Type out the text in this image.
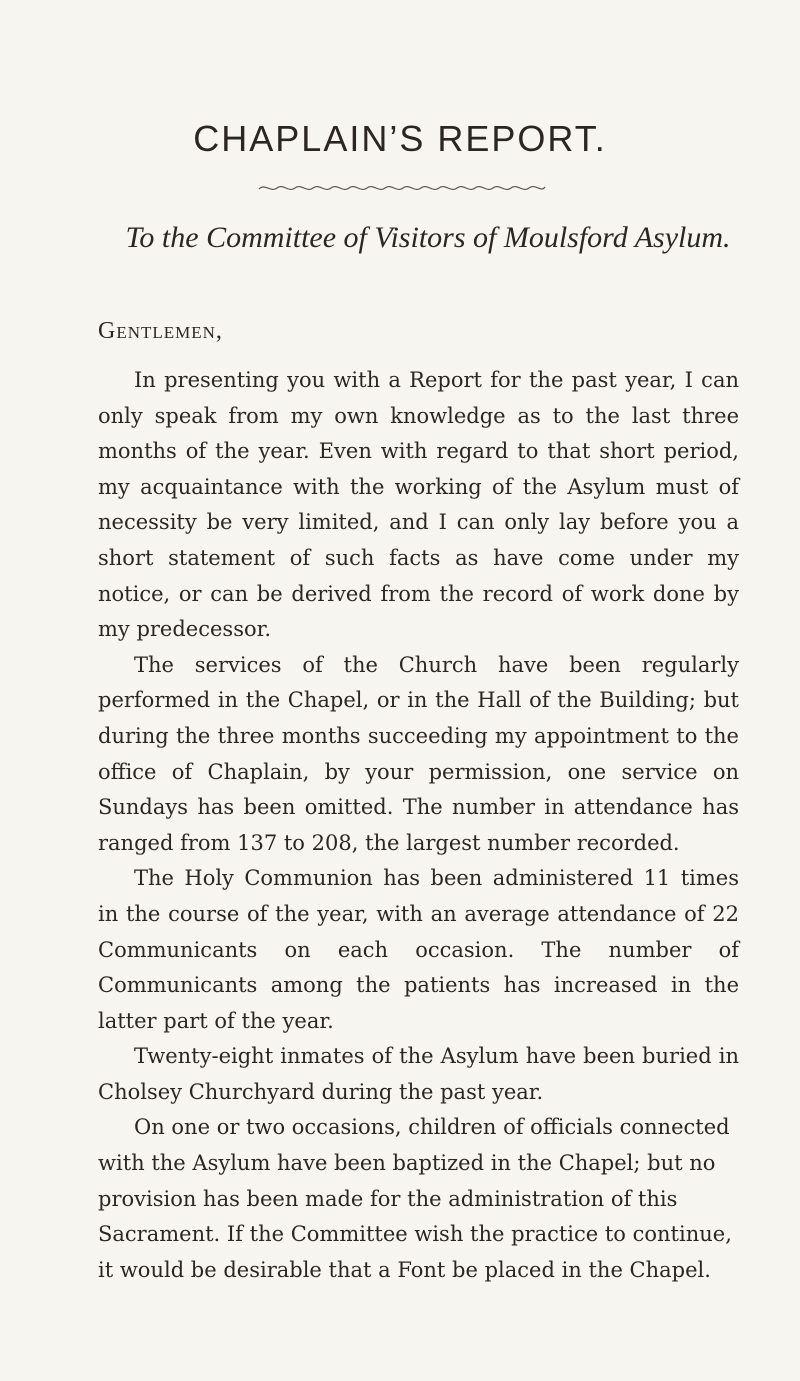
CHAPLAIN’S REPORT.

To the Committee of Visitors of Moulsford Asylum.

Gentlemen,

In presenting you with a Report for the past year, I can only speak from my own knowledge as to the last three months of the year. Even with regard to that short period, my acquaintance with the working of the Asylum must of necessity be very limited, and I can only lay before you a short statement of such facts as have come under my notice, or can be derived from the record of work done by my predecessor.

The services of the Church have been regularly performed in the Chapel, or in the Hall of the Building; but during the three months succeeding my appointment to the office of Chaplain, by your permission, one service on Sundays has been omitted. The number in attendance has ranged from 137 to 208, the largest number recorded.

The Holy Communion has been administered 11 times in the course of the year, with an average attendance of 22 Communicants on each occasion. The number of Communicants among the patients has increased in the latter part of the year.

Twenty-eight inmates of the Asylum have been buried in Cholsey Churchyard during the past year.

On one or two occasions, children of officials connected with the Asylum have been baptized in the Chapel; but no provision has been made for the administration of this Sacrament. If the Committee wish the practice to continue, it would be desirable that a Font be placed in the Chapel.
